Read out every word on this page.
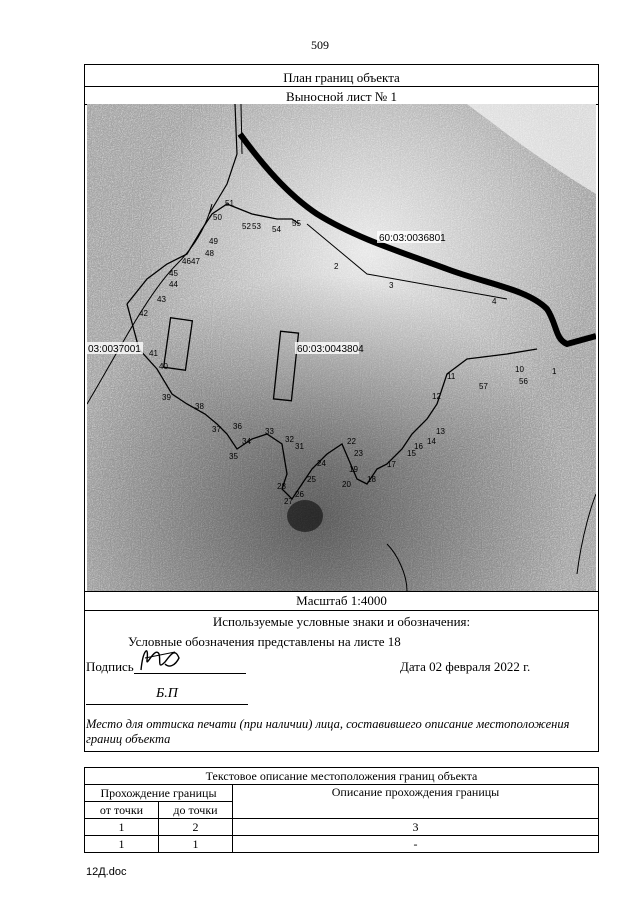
509
План границ объекта
Выносной лист № 1
60:03:0036801
60:03:0043804
03:0037001
2
3
4
11
10
13
12
14
15
16
17
18
19
20
22
23
24
25
26
27
28
31
32
33
34
36
35
37
38
39
40
41
42
43
44
45
46 47
48
49
50
51
52 53 54
55
1
56
57
Масштаб 1:4000
Используемые условные знаки и обозначения:
Условные обозначения представлены на листе 18
Подпись	Дата 02 февраля 2022 г.
Б.П
Место для оттиска печати (при наличии) лица, составившего описание местоположения границ объекта
Текстовое описание местоположения границ объекта		
Прохождение границы		Описание прохождения границы
от точки	до точки	
1	2	3
1	1	-
12Д.doc
